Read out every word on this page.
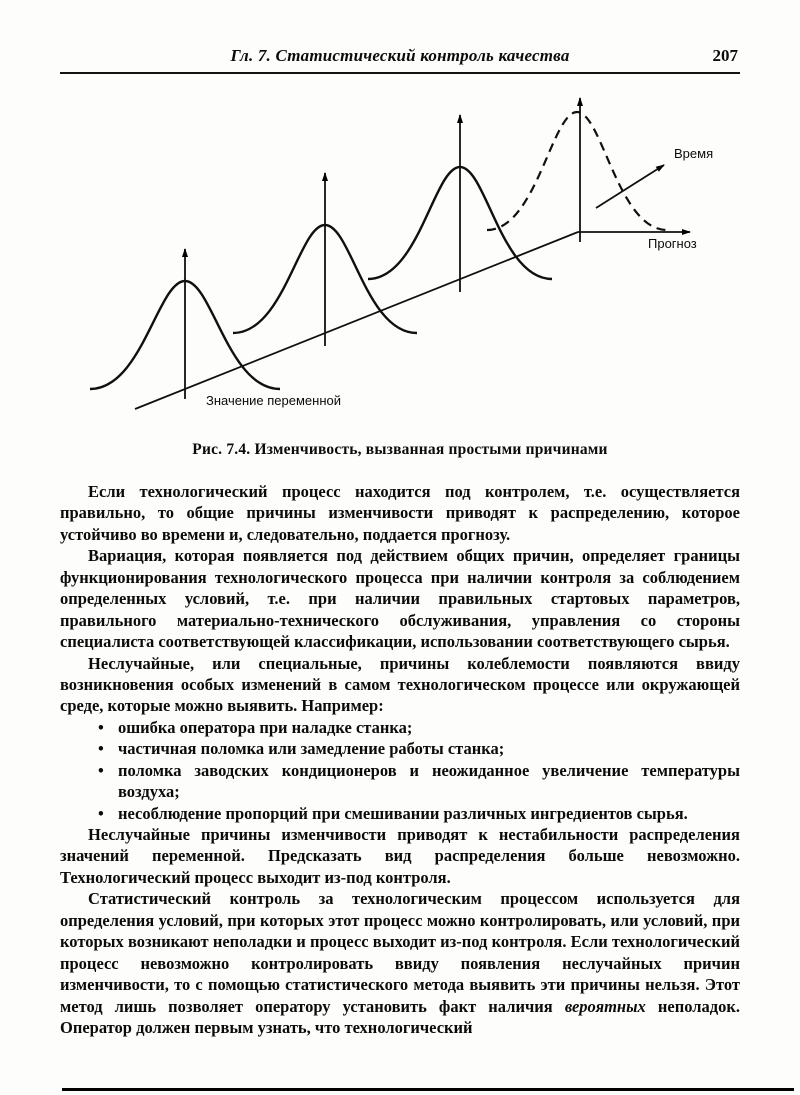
Гл. 7. Статистический контроль качества	207
Время
Прогноз
Значение переменной
Рис. 7.4. Изменчивость, вызванная простыми причинами

Если технологический процесс находится под контролем, т.е. осуществляется правильно, то общие причины изменчивости приводят к распределению, которое устойчиво во времени и, следовательно, поддается прогнозу.

Вариация, которая появляется под действием общих причин, определяет границы функционирования технологического процесса при наличии контроля за соблюдением определенных условий, т.е. при наличии правильных стартовых параметров, правильного материально-технического обслуживания, управления со стороны специалиста соответствующей классификации, использовании соответствующего сырья.

Неслучайные, или специальные, причины колеблемости появляются ввиду возникновения особых изменений в самом технологическом процессе или окружающей среде, которые можно выявить. Например:

• ошибка оператора при наладке станка;
• частичная поломка или замедление работы станка;
• поломка заводских кондиционеров и неожиданное увеличение температуры воздуха;
• несоблюдение пропорций при смешивании различных ингредиентов сырья.

Неслучайные причины изменчивости приводят к нестабильности распределения значений переменной. Предсказать вид распределения больше невозможно. Технологический процесс выходит из-под контроля.

Статистический контроль за технологическим процессом используется для определения условий, при которых этот процесс можно контролировать, или условий, при которых возникают неполадки и процесс выходит из-под контроля. Если технологический процесс невозможно контролировать ввиду появления неслучайных причин изменчивости, то с помощью статистического метода выявить эти причины нельзя. Этот метод лишь позволяет оператору установить факт наличия вероятных неполадок. Оператор должен первым узнать, что технологический
